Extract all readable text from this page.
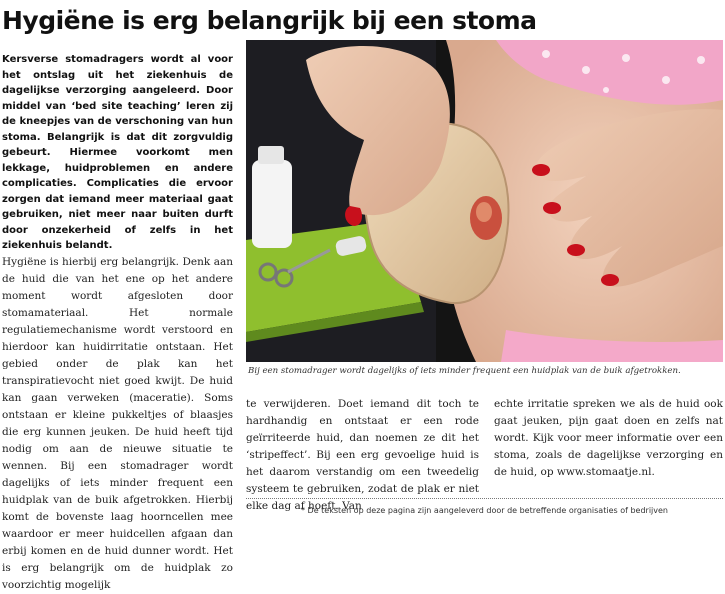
Hygiëne is erg belangrijk bij een stoma

Kersverse stomadragers wordt al voor het ontslag uit het ziekenhuis de dagelijkse verzorging aangeleerd. Door middel van ‘bed site teaching’ leren zij de kneepjes van de verschoning van hun stoma. Belangrijk is dat dit zorgvuldig gebeurt. Hiermee voorkomt men lekkage, huidproblemen en andere complicaties. Complicaties die ervoor zorgen dat iemand meer materiaal gaat gebruiken, niet meer naar buiten durft door onzekerheid of zelfs in het ziekenhuis belandt.

Hygiëne is hierbij erg belangrijk. Denk aan de huid die van het ene op het andere moment wordt afgesloten door stomamateriaal. Het normale regulatiemechanisme wordt verstoord en hierdoor kan huidirritatie ontstaan. Het gebied onder de plak kan het transpiratievocht niet goed kwijt. De huid kan gaan verweken (maceratie). Soms ontstaan er kleine pukkeltjes of blaasjes die erg kunnen jeuken. De huid heeft tijd nodig om aan de nieuwe situatie te wennen. Bij een stomadrager wordt dagelijks of iets minder frequent een huidplak van de buik afgetrokken. Hierbij komt de bovenste laag hoorncellen mee waardoor er meer huidcellen afgaan dan erbij komen en de huid dunner wordt. Het is erg belangrijk om de huidplak zo voorzichtig mogelijk

Bij een stomadrager wordt dagelijks of iets minder frequent een huidplak van de buik afgetrokken.

te verwijderen. Doet iemand dit toch te hardhandig en ontstaat er een rode geïrriteerde huid, dan noemen ze dit het ‘stripeffect’. Bij een erg gevoelige huid is het daarom verstandig om een tweedelig systeem te gebruiken, zodat de plak er niet elke dag af hoeft. Van

echte irritatie spreken we als de huid ook gaat jeuken, pijn gaat doen en zelfs nat wordt. Kijk voor meer informatie over een stoma, zoals de dagelijkse verzorging en de huid, op www.stomaatje.nl.

* De teksten op deze pagina zijn aangeleverd door de betreffende organisaties of bedrijven
